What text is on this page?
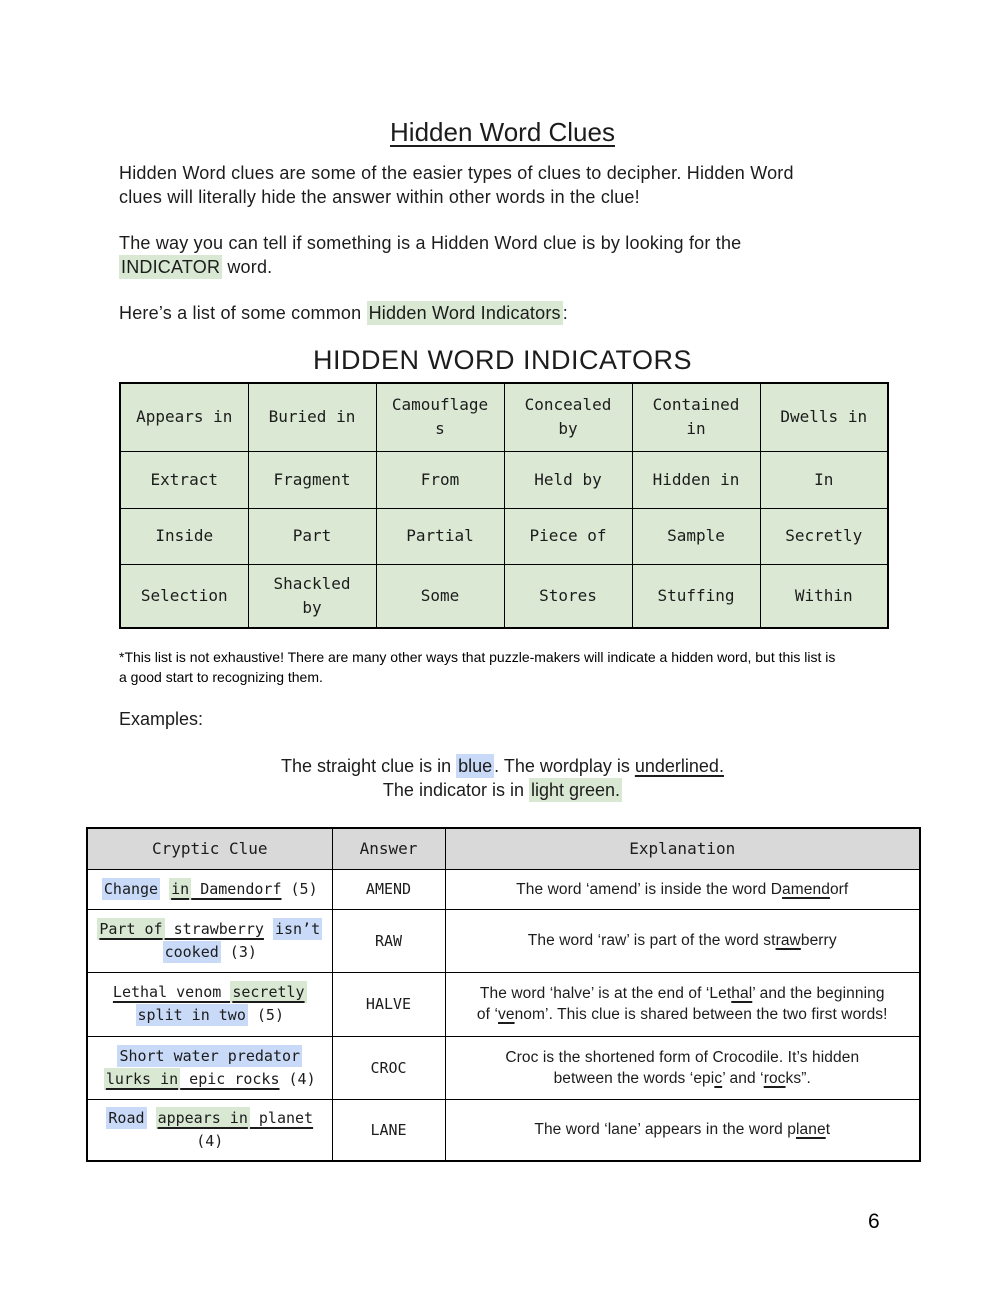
Hidden Word Clues

Hidden Word clues are some of the easier types of clues to decipher. Hidden Word
clues will literally hide the answer within other words in the clue!

The way you can tell if something is a Hidden Word clue is by looking for the
INDICATOR word.

Here’s a list of some common Hidden Word Indicators :

HIDDEN WORD INDICATORS
Appears in	Buried in	Camouflages	Concealed by	Contained in	Dwells in
Extract	Fragment	From	Held by	Hidden in	In
Inside	Part	Partial	Piece of	Sample	Secretly
Selection	Shackled by	Some	Stores	Stuffing	Within

*This list is not exhaustive! There are many other ways that puzzle-makers will indicate a hidden word, but this list is
a good start to recognizing them.

Examples:

The straight clue is in blue . The wordplay is underlined.

The indicator is in light green.

Cryptic Clue	Answer	Explanation
Change in Damendorf (5)	AMEND	The word ‘amend’ is inside the word Damendorf
Part of strawberry isn’t
cooked (3)	RAW	The word ‘raw’ is part of the word strawberry
Lethal venom secretly
split in two (5)	HALVE	The word ‘halve’ is at the end of ‘Lethal’ and the beginning
of ‘venom’. This clue is shared between the two first words!
Short water predator
lurks in epic rocks (4)	CROC	Croc is the shortened form of Crocodile. It’s hidden
between the words ‘epic’ and ‘rocks”.
Road appears in planet
(4)	LANE	The word ‘lane’ appears in the word planet
6
